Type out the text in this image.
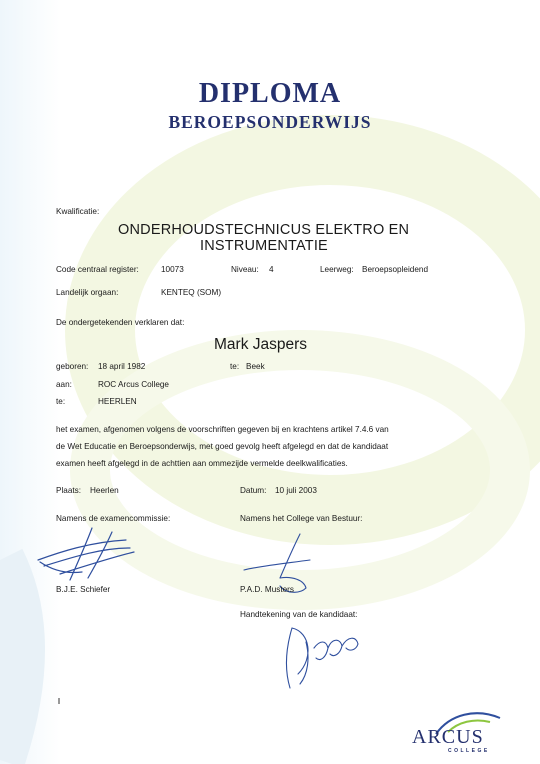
DIPLOMA
BEROEPSONDERWIJS
Kwalificatie:
ONDERHOUDSTECHNICUS ELEKTRO EN
INSTRUMENTATIE
Code centraal register:	10073	Niveau: 4	Leerweg: Beroepsopleidend
Landelijk orgaan:	KENTEQ (SOM)
De ondergetekenden verklaren dat:
Mark Jaspers
geboren: 18 april 1982	te: Beek
aan:	ROC Arcus College
te:	HEERLEN
het examen, afgenomen volgens de voorschriften gegeven bij en krachtens artikel 7.4.6 van
de Wet Educatie en Beroepsonderwijs, met goed gevolg heeft afgelegd en dat de kandidaat
examen heeft afgelegd in de achttien aan ommezijde vermelde deelkwalificaties.
Plaats: Heerlen	Datum: 10 juli 2003
Namens de examencommissie:	Namens het College van Bestuur:
B.J.E. Schiefer	P.A.D. Musters
Handtekening van de kandidaat:
ARCUS
COLLEGE
